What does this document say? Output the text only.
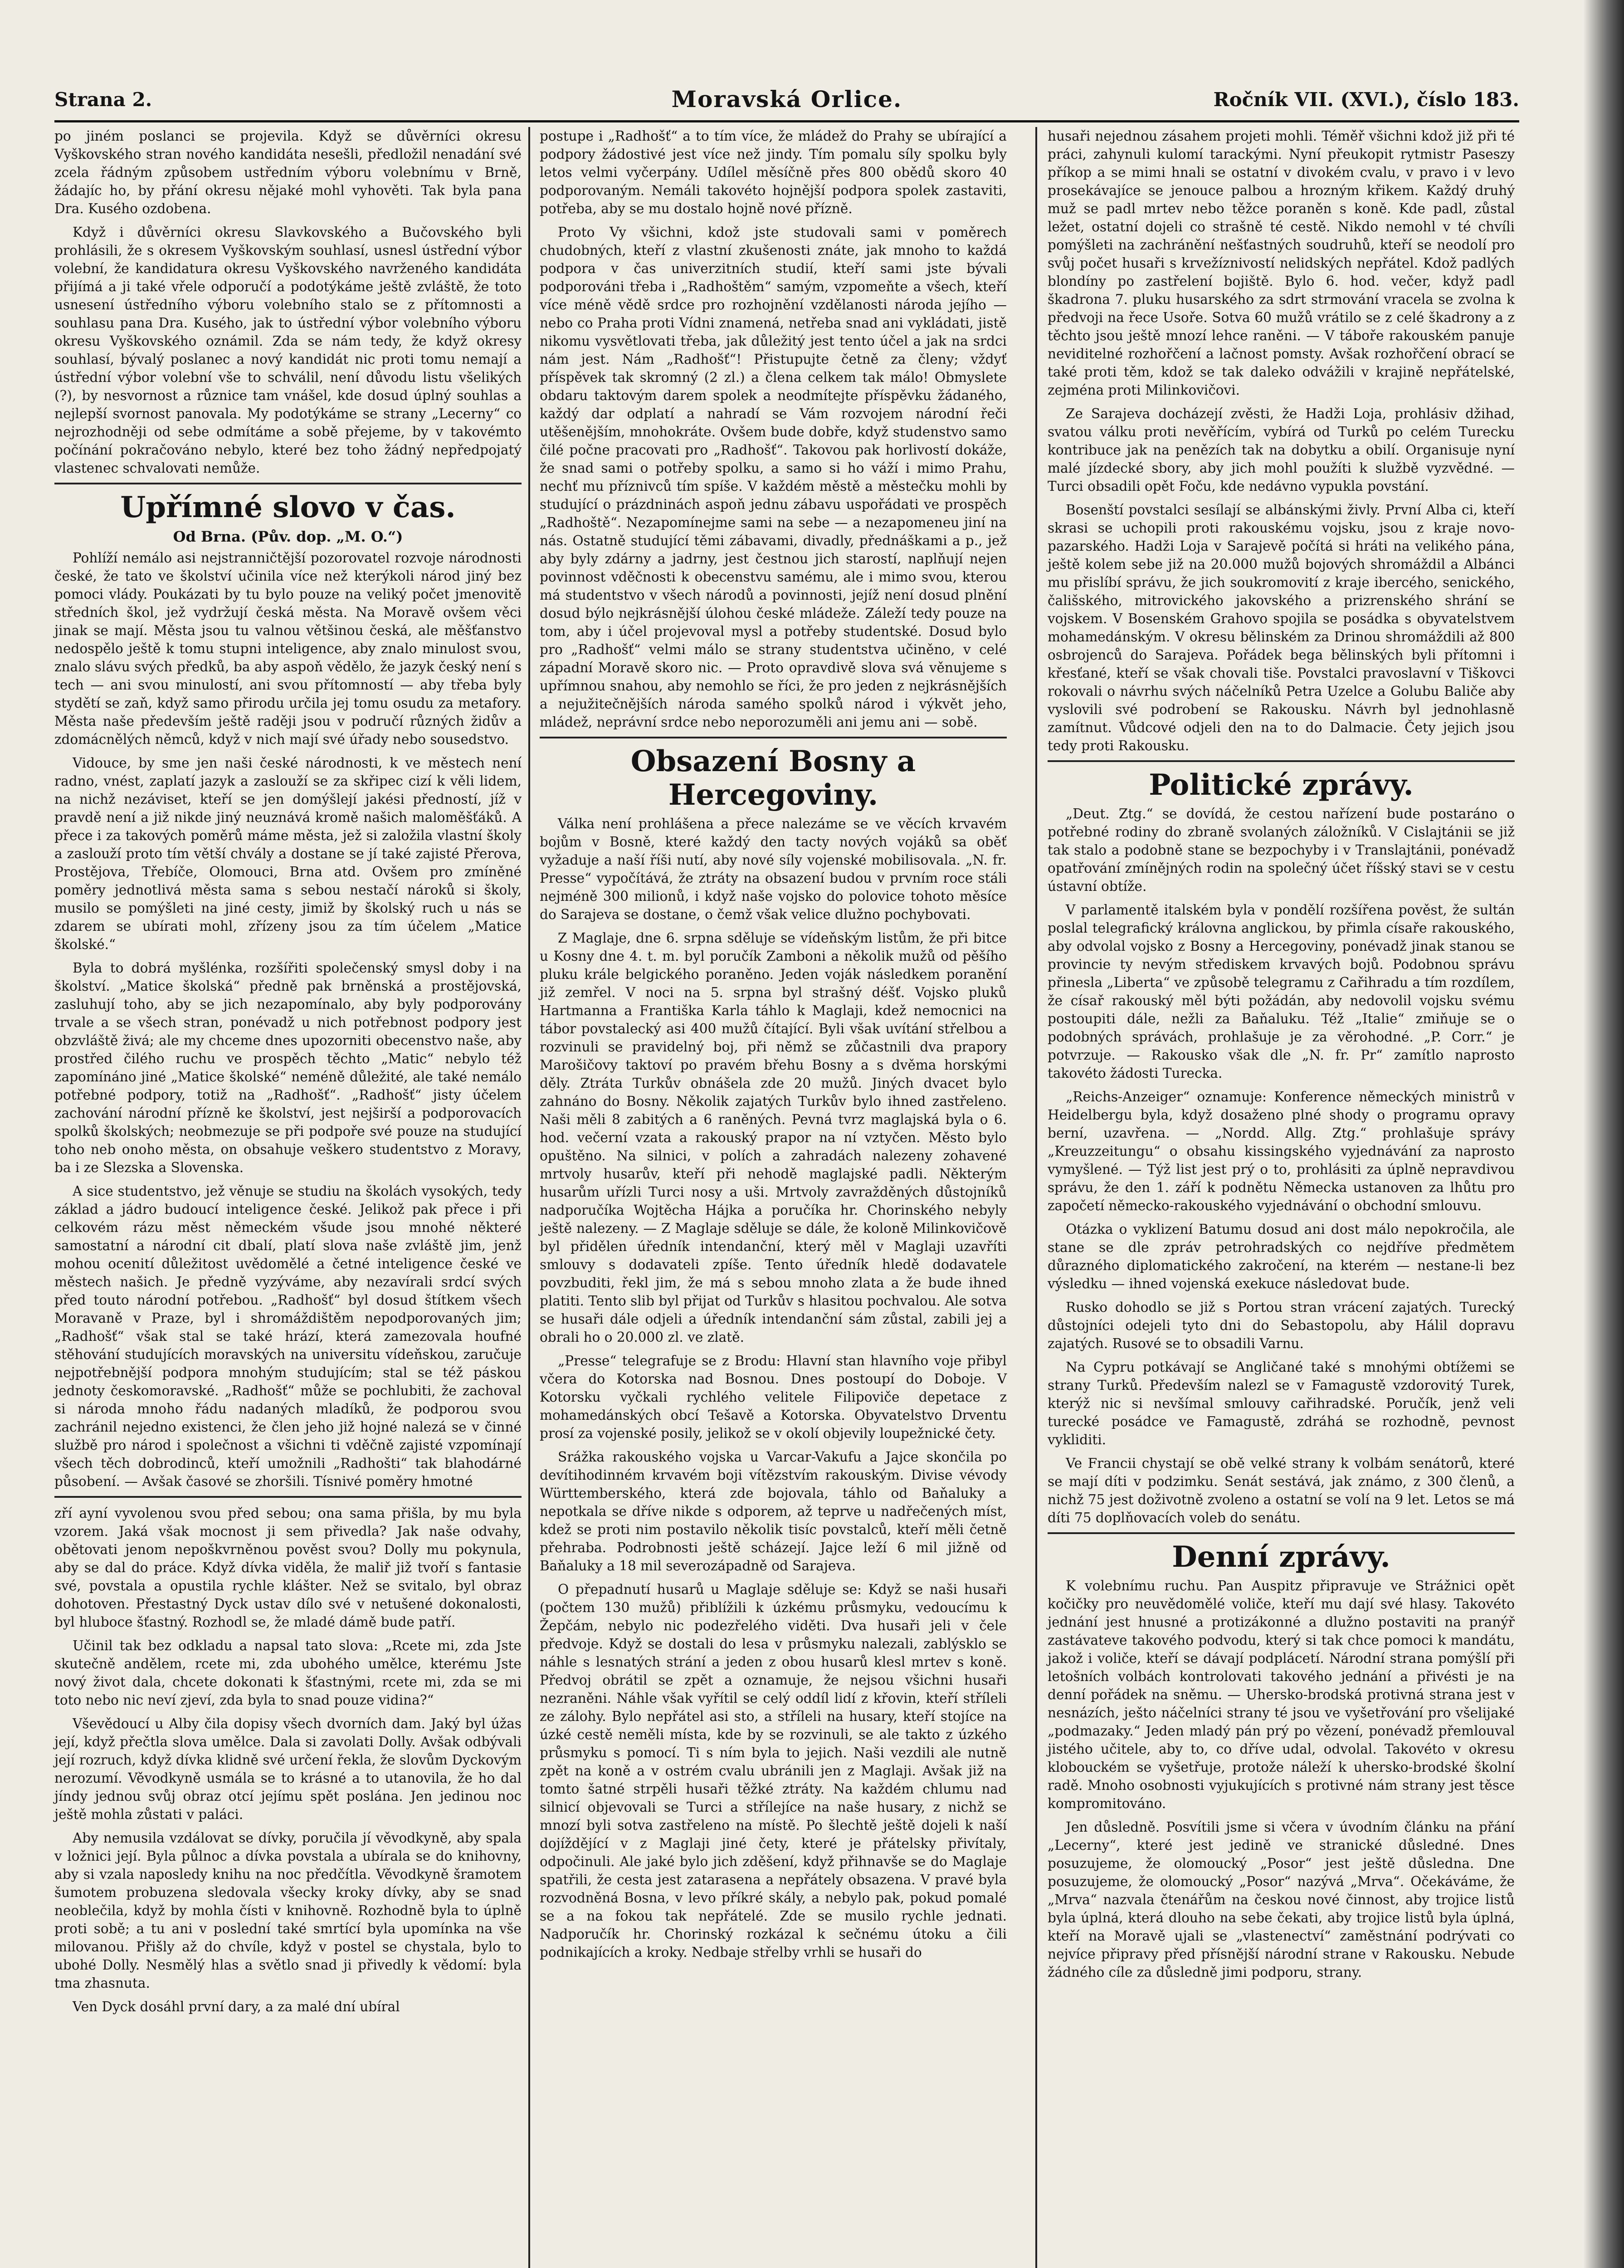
Strana 2.	Moravská Orlice.	Ročník VII. (XVI.), číslo 183.

po jiném poslanci se projevila. Když se důvěrníci okresu Vyškovského stran nového kandidáta nesešli, předložil nenadání své zcela řádným způsobem ustředním výboru volebnímu v Brně, žádajíc ho, by přání okresu nějaké mohl vyhověti. Tak byla pana Dra. Kusého ozdobena.

Když i důvěrníci okresu Slavkovského a Bučovského byli prohlásili, že s okresem Vyškovským souhlasí, usnesl ústřední výbor volební, že kandidatura okresu Vyškovského navrženého kandidáta přijímá a ji také vřele odporučí a podotýkáme ještě zvláště, že toto usnesení ústředního výboru volebního stalo se z přítomnosti a souhlasu pana Dra. Kusého, jak to ústřední výbor volebního výboru okresu Vyškovského oznámil. Zda se nám tedy, že když okresy souhlasí, bývalý poslanec a nový kandidát nic proti tomu nemají a ústřední výbor volební vše to schválil, není důvodu listu všelikých (?), by nesvornost a různice tam vnášel, kde dosud úplný souhlas a nejlepší svornost panovala. My podotýkáme se strany „Lecerny“ co nejrozhodněji od sebe odmítáme a sobě přejeme, by v takovémto počínání pokračováno nebylo, které bez toho žádný nepředpojatý vlastenec schvalovati nemůže.

Upřímné slovo v čas.
Od Brna. (Pův. dop. „M. O.“)

Pohlíží nemálo asi nejstranničtější pozorovatel rozvoje národnosti české, že tato ve školství učinila více než kterýkoli národ jiný bez pomoci vlády. Poukázati by tu bylo pouze na veliký počet jmenovitě středních škol, jež vydržují česká města. Na Moravě ovšem věci jinak se mají. Města jsou tu valnou většinou česká, ale měšťanstvo nedospělo ještě k tomu stupni inteligence, aby znalo minulost svou, znalo slávu svých předků, ba aby aspoň vědělo, že jazyk český není s tech — ani svou minulostí, ani svou přítomností — aby třeba byly stydětí se zaň, když samo přirodu určila jej tomu osudu za metafory. Města naše především ještě raději jsou v područí různých židův a zdomácnělých němců, když v nich mají své úřady nebo sousedstvo.

Vidouce, by sme jen naši české národnosti, k ve městech není radno, vnést, zaplatí jazyk a zaslouží se za skřipec cizí k věli lidem, na nichž nezáviset, kteří se jen domýšlejí jakési předností, jíž v pravdě není a již nikde jiný neuznává kromě našich maloměšťáků. A přece i za takových poměrů máme města, jež si založila vlastní školy a zaslouží proto tím větší chvály a dostane se jí také zajisté Přerova, Prostějova, Třebíče, Olomouci, Brna atd. Ovšem pro zmíněné poměry jednotlivá města sama s sebou nestačí nároků si školy, musilo se pomýšleti na jiné cesty, jimiž by školský ruch u nás se zdarem se ubírati mohl, zřízeny jsou za tím účelem „Matice školské.“

Byla to dobrá myšlénka, rozšířiti společenský smysl doby i na školství. „Matice školská“ předně pak brněnská a prostějovská, zasluhují toho, aby se jich nezapomínalo, aby byly podporovány trvale a se všech stran, ponévadž u nich potřebnost podpory jest obzvláště živá; ale my chceme dnes upozorniti obecenstvo naše, aby prostřed čilého ruchu ve prospěch těchto „Matic“ nebylo též zapomínáno jiné „Matice školské“ neméně důležité, ale také nemálo potřebné podpory, totiž na „Radhošť“. „Radhošť“ jisty účelem zachování národní přízně ke školství, jest nejširší a podporovacích spolků školských; neobmezuje se při podpoře své pouze na studující toho neb onoho města, on obsahuje veškero studentstvo z Moravy, ba i ze Slezska a Slovenska.

A sice studentstvo, jež věnuje se studiu na školách vysokých, tedy základ a jádro budoucí inteligence české. Jelikož pak přece i při celkovém rázu měst německém všude jsou mnohé některé samostatní a národní cit dbalí, platí slova naše zvláště jim, jenž mohou ocenití důležitost uvědomělé a četné inteligence české ve městech našich. Je předně vyzýváme, aby nezavírali srdcí svých před touto národní potřebou. „Radhošť“ byl dosud štítkem všech Moravaně v Praze, byl i shromáždištěm nepodporovaných jim; „Radhošť“ však stal se také hrází, která zamezovala houfné stěhování studujících moravských na universitu vídeňskou, zaručuje nejpotřebnější podpora mnohým studujícím; stal se též páskou jednoty českomoravské. „Radhošť“ může se pochlubiti, že zachoval si národa mnoho řádu nadaných mladíků, že podporou svou zachránil nejedno existenci, že člen jeho již hojné nalezá se v činné službě pro národ i společnost a všichni ti vděčně zajisté vzpomínají všech těch dobrodinců, kteří umožnili „Radhošti“ tak blahodárné působení. — Avšak časové se zhoršili. Tísnivé poměry hmotné

zří ayní vyvolenou svou před sebou; ona sama přišla, by mu byla vzorem. Jaká však mocnost ji sem přivedla? Jak naše odvahy, obětovati jenom nepoškvrněnou pověst svou? Dolly mu pokynula, aby se dal do práce. Když dívka viděla, že maliř již tvoří s fantasie své, povstala a opustila rychle klášter. Než se svitalo, byl obraz dohotoven. Přestastný Dyck ustav dílo své v netušené dokonalosti, byl hluboce šťastný. Rozhodl se, že mladé dámě bude patří.

Učinil tak bez odkladu a napsal tato slova: „Rcete mi, zda Jste skutečně andělem, rcete mi, zda ubohého umělce, kterému Jste nový život dala, chcete dokonati k šťastnými, rcete mi, zda se mi toto nebo nic neví zjeví, zda byla to snad pouze vidina?“

Vševědoucí u Alby čila dopisy všech dvorních dam. Jaký byl úžas její, když přečtla slova umělce. Dala si zavolati Dolly. Avšak odbývali její rozruch, když dívka klidně své určení řekla, že slovům Dyckovým nerozumí. Věvodkyně usmála se to krásné a to utanovila, že ho dal jíndy jednou svůj obraz otcí jejímu spět poslána. Jen jedinou noc ještě mohla zůstati v paláci.

Aby nemusila vzdálovat se dívky, poručila jí věvodkyně, aby spala v ložnici její. Byla půlnoc a dívka povstala a ubírala se do knihovny, aby si vzala naposledy knihu na noc předčítla. Věvodkyně šramotem šumotem probuzena sledovala všecky kroky dívky, aby se snad neoblečila, když by mohla čísti v knihovně. Rozhodně byla to úplně proti sobě; a tu ani v poslední také smrtící byla upomínka na vše milovanou. Přišly až do chvíle, když v postel se chystala, bylo to ubohé Dolly. Nesmělý hlas a světlo snad ji přivedly k vědomí: byla tma zhasnuta.

Ven Dyck dosáhl první dary, a za malé dní ubíral

postupe i „Radhošť“ a to tím více, že mládež do Prahy se ubírající a podpory žádostivé jest více než jindy. Tím pomalu síly spolku byly letos velmi vyčerpány. Udílel měsíčně přes 800 obědů skoro 40 podporovaným. Nemáli takovéto hojnější podpora spolek zastaviti, potřeba, aby se mu dostalo hojně nové přízně.

Proto Vy všichni, kdož jste studovali sami v poměrech chudobných, kteří z vlastní zkušenosti znáte, jak mnoho to každá podpora v čas univerzitních studií, kteří sami jste bývali podporováni třeba i „Radhoštěm“ samým, vzpomeňte a všech, kteří více méně vědě srdce pro rozhojnění vzdělanosti národa jejího — nebo co Praha proti Vídni znamená, netřeba snad ani vykládati, jistě nikomu vysvětlovati třeba, jak důležitý jest tento účel a jak na srdci nám jest. Nám „Radhošť“! Přistupujte četně za členy; vždyť příspěvek tak skromný (2 zl.) a člena celkem tak málo! Obmyslete obdaru taktovým darem spolek a neodmítejte příspěvku žádaného, každý dar odplatí a nahradí se Vám rozvojem národní řeči utěšenějším, mnohokráte. Ovšem bude dobře, když studenstvo samo čilé počne pracovati pro „Radhošť“. Takovou pak horlivostí dokáže, že snad sami o potřeby spolku, a samo si ho váží i mimo Prahu, nechť mu příznivců tím spíše. V každém městě a městečku mohli by studující o prázdninách aspoň jednu zábavu uspořádati ve prospěch „Radhoště“. Nezapomínejme sami na sebe — a nezapomeneu jiní na nás. Ostatně studující těmi zábavami, divadly, přednáškami a p., jež aby byly zdárny a jadrny, jest čestnou jich starostí, naplňují nejen povinnost vděčnosti k obecenstvu samému, ale i mimo svou, kterou má studentstvo v všech národů a povinnosti, jejíž není dosud plnění dosud býlo nejkrásnější úlohou české mládeže. Záleží tedy pouze na tom, aby i účel projevoval mysl a potřeby studentské. Dosud bylo pro „Radhošť“ velmi málo se strany studentstva učiněno, v celé západní Moravě skoro nic. — Proto opravdivě slova svá věnujeme s upřímnou snahou, aby nemohlo se říci, že pro jeden z nejkrásnějších a nejužitečnějších národa samého spolků národ i výkvět jeho, mládež, neprávní srdce nebo neporozuměli ani jemu ani — sobě.

Obsazení Bosny a Hercegoviny.

Válka není prohlášena a přece nalezáme se ve věcích krvavém bojům v Bosně, které každý den tacty nových vojáků sa oběť vyžaduje a naší říši nutí, aby nové síly vojenské mobilisovala. „N. fr. Presse“ vypočítává, že ztráty na obsazení budou v prvním roce stáli nejméně 300 milionů, i když naše vojsko do polovice tohoto měsíce do Sarajeva se dostane, o čemž však velice dlužno pochybovati.

Z Maglaje, dne 6. srpna sděluje se vídeňským listům, že při bitce u Kosny dne 4. t. m. byl poručík Zamboni a několik mužů od pěšího pluku krále belgického poraněno. Jeden voják následkem poranění již zemřel. V noci na 5. srpna byl strašný déšť. Vojsko pluků Hartmanna a Františka Karla táhlo k Maglaji, kdež nemocnici na tábor povstalecký asi 400 mužů čítající. Byli však uvítání střelbou a rozvinuli se pravidelný boj, při němž se zůčastnili dva prapory Marošičovy taktoví po pravém břehu Bosny a s dvěma horskými děly. Ztráta Turkův obnášela zde 20 mužů. Jiných dvacet bylo zahnáno do Bosny. Několik zajatých Turkův bylo ihned zastřeleno. Naši měli 8 zabitých a 6 raněných. Pevná tvrz maglajská byla o 6. hod. večerní vzata a rakouský prapor na ní vztyčen. Město bylo opuštěno. Na silnici, v polích a zahradách nalezeny zohavené mrtvoly husarův, kteří při nehodě maglajské padli. Některým husarům uřízli Turci nosy a uši. Mrtvoly zavražděných důstojníků nadporučíka Wojtěcha Hájka a poručíka hr. Chorinského nebyly ještě nalezeny. — Z Maglaje sděluje se dále, že koloně Milinkovičově byl přidělen úředník intendanční, který měl v Maglaji uzavříti smlouvy s dodavateli zpíše. Tento úředník hledě dodavatele povzbuditi, řekl jim, že má s sebou mnoho zlata a že bude ihned platiti. Tento slib byl přijat od Turkův s hlasitou pochvalou. Ale sotva se husaři dále odjeli a úředník intendanční sám zůstal, zabili jej a obrali ho o 20.000 zl. ve zlatě.

„Presse“ telegrafuje se z Brodu: Hlavní stan hlavního voje přibyl včera do Kotorska nad Bosnou. Dnes postoupí do Doboje. V Kotorsku vyčkali rychlého velitele Filipoviče depetace z mohamedánských obcí Tešavě a Kotorska. Obyvatelstvo Drventu prosí za vojenské posily, jelikož se v okolí objevily loupežnické čety.

Srážka rakouského vojska u Varcar-Vakufu a Jajce skončila po devítihodinném krvavém boji vítězstvím rakouským. Divise vévody Württemberského, která zde bojovala, táhlo od Baňaluky a nepotkala se dříve nikde s odporem, až teprve u nadřečených míst, kdež se proti nim postavilo několik tisíc povstalců, kteří měli četně přehraba. Podrobnosti ještě scházejí. Jajce leží 6 mil jižně od Baňaluky a 18 mil severozápadně od Sarajeva.

O přepadnutí husarů u Maglaje sděluje se: Když se naši husaři (počtem 130 mužů) přiblížili k úzkému průsmyku, vedoucímu k Žepčám, nebylo nic podezřelého viděti. Dva husaři jeli v čele předvoje. Když se dostali do lesa v průsmyku nalezali, zablýsklo se náhle s lesnatých strání a jeden z obou husarů klesl mrtev s koně. Předvoj obrátil se zpět a oznamuje, že nejsou všichni husaři nezraněni. Náhle však vyřítil se celý oddíl lidí z křovin, kteří stříleli ze zálohy. Bylo nepřátel asi sto, a stříleli na husary, kteří stojíce na úzké cestě neměli místa, kde by se rozvinuli, se ale takto z úzkého průsmyku s pomocí. Ti s ním byla to jejich. Naši vezdili ale nutně zpět na koně a v ostrém cvalu ubránili jen z Maglaji. Avšak již na tomto šatné strpěli husaři těžké ztráty. Na každém chlumu nad silnicí objevovali se Turci a střílejíce na naše husary, z nichž se mnozí byli sotva zastřeleno na místě. Po šlechtě ještě dojeli k naší dojíždějící v z Maglaji jiné čety, které je přátelsky přivítaly, odpočinuli. Ale jaké bylo jich zděšení, když přihnavše se do Maglaje spatřili, že cesta jest zatarasena a nepřátely obsazena. V pravé byla rozvodněná Bosna, v levo příkré skály, a nebylo pak, pokud pomalé se a na fokou tak nepřátelé. Zde se musilo rychle jednati. Nadporučík hr. Chorinský rozkázal k sečnému útoku a čili podnikajících a kroky. Nedbaje střelby vrhli se husaři do

husaři nejednou zásahem projeti mohli. Téměř všichni kdož již při té práci, zahynuli kulomí tarackými. Nyní přeukopit rytmistr Paseszy příkop a se mimi hnali se ostatní v divokém cvalu, v pravo i v levo prosekávajíce se jenouce palbou a hrozným křikem. Každý druhý muž se padl mrtev nebo těžce poraněn s koně. Kde padl, zůstal ležet, ostatní dojeli co strašně té cestě. Nikdo nemohl v té chvíli pomýšleti na zachránění nešťastných soudruhů, kteří se neodolí pro svůj počet husaři s krvežíznivostí nelidských nepřátel. Kdož padlých blondíny po zastřelení bojiště. Bylo 6. hod. večer, když padl škadrona 7. pluku husarského za sdrt strmování vracela se zvolna k předvoji na řece Usoře. Sotva 60 mužů vrátilo se z celé škadrony a z těchto jsou ještě mnozí lehce raněni. — V táboře rakouském panuje neviditelné rozhořčení a lačnost pomsty. Avšak rozhořčení obrací se také proti těm, kdož se tak daleko odvážili v krajině nepřátelské, zejména proti Milinkovičovi.

Ze Sarajeva docházejí zvěsti, že Hadži Loja, prohlásiv džihad, svatou válku proti nevěřícím, vybírá od Turků po celém Turecku kontribuce jak na penězích tak na dobytku a obilí. Organisuje nyní malé jízdecké sbory, aby jich mohl použíti k službě vyzvědné. — Turci obsadili opět Foču, kde nedávno vypukla povstání.

Bosenští povstalci sesílají se albánskými živly. První Alba ci, kteří skrasi se uchopili proti rakouskému vojsku, jsou z kraje novo-pazarského. Hadži Loja v Sarajevě počítá si hráti na velikého pána, ještě kolem sebe již na 20.000 mužů bojových shromáždil a Albánci mu přislíbí správu, že jich soukromovití z kraje ibercého, senického, čališského, mitrovického jakovského a prizrenského shrání se vojskem. V Bosenském Grahovo spojila se posádka s obyvatelstvem mohamedánským. V okresu bělinském za Drinou shromáždili až 800 osbrojenců do Sarajeva. Pořádek bega bělinských byli přítomni i křesťané, kteří se však chovali tiše. Povstalci pravoslavní v Tiškovci rokovali o návrhu svých náčelníků Petra Uzelce a Golubu Baliče aby vyslovili své podrobení se Rakousku. Návrh byl jednohlasně zamítnut. Vůdcové odjeli den na to do Dalmacie. Čety jejich jsou tedy proti Rakousku.

Politické zprávy.

„Deut. Ztg.“ se dovídá, že cestou nařízení bude postaráno o potřebné rodiny do zbraně svolaných záložníků. V Cislajtánii se již tak stalo a podobně stane se bezpochyby i v Translajtánii, ponévadž opatřování zmínějných rodin na společný účet říšský stavi se v cestu ústavní obtíže.

V parlamentě italském byla v pondělí rozšířena pověst, že sultán poslal telegrafický královna anglickou, by přimla císaře rakouského, aby odvolal vojsko z Bosny a Hercegoviny, ponévadž jinak stanou se provincie ty nevým střediskem krvavých bojů. Podobnou správu přinesla „Liberta“ ve způsobě telegramu z Cařihradu a tím rozdílem, že císař rakouský měl býti požádán, aby nedovolil vojsku svému postoupiti dále, nežli za Baňaluku. Též „Italie“ zmiňuje se o podobných správách, prohlašuje je za věrohodné. „P. Corr.“ je potvrzuje. — Rakousko však dle „N. fr. Pr“ zamítlo naprosto takovéto žádosti Turecka.

„Reichs-Anzeiger“ oznamuje: Konference německých ministrů v Heidelbergu byla, když dosaženo plné shody o programu opravy berní, uzavřena. — „Nordd. Allg. Ztg.“ prohlašuje správy „Kreuzzeitungu“ o obsahu kissingského vyjednávání za naprosto vymyšlené. — Týž list jest prý o to, prohlásiti za úplně nepravdivou správu, že den 1. září k podnětu Německa ustanoven za lhůtu pro započetí německo-rakouského vyjednávání o obchodní smlouvu.

Otázka o vyklizení Batumu dosud ani dost málo nepokročila, ale stane se dle zpráv petrohradských co nejdříve předmětem důrazného diplomatického zakročení, na kterém — nestane-li bez výsledku — ihned vojenská exekuce následovat bude.

Rusko dohodlo se již s Portou stran vrácení zajatých. Turecký důstojníci odejeli tyto dni do Sebastopolu, aby Hálil dopravu zajatých. Rusové se to obsadili Varnu.

Na Cypru potkávají se Angličané také s mnohými obtížemi se strany Turků. Především nalezl se v Famagustě vzdorovitý Turek, kterýž nic si nevšímal smlouvy cařihradské. Poručík, jenž veli turecké posádce ve Famagustě, zdráhá se rozhodně, pevnost vykliditi.

Ve Francii chystají se obě velké strany k volbám senátorů, které se mají díti v podzimku. Senát sestává, jak známo, z 300 členů, a nichž 75 jest doživotně zvoleno a ostatní se volí na 9 let. Letos se má díti 75 doplňovacích voleb do senátu.

Denní zprávy.

K volebnímu ruchu. Pan Auspitz připravuje ve Strážnici opět kočičky pro neuvědomělé voliče, kteří mu dají své hlasy. Takovéto jednání jest hnusné a protizákonné a dlužno postaviti na pranýř zastávateve takového podvodu, který si tak chce pomoci k mandátu, jakož i voliče, kteří se dávají podplácetí. Národní strana pomýšlí při letošních volbách kontrolovati takového jednání a přivésti je na denní pořádek na sněmu. — Uhersko-brodská protivná strana jest v nesnázích, ješto náčelníci strany té jsou ve vyšetřování pro všelijaké „podmazaky.“ Jeden mladý pán prý po vězení, ponévadž přemlouval jistého učitele, aby to, co dříve udal, odvolal. Takovéto v okresu klobouckém se vyšetřuje, protože náleží k uhersko-brodské školní radě. Mnoho osobnosti vyjukujících s protivné nám strany jest těsce kompromitováno.

Jen důsledně. Posvítili jsme si včera v úvodním článku na přání „Lecerny“, které jest jedině ve stranické důsledné. Dnes posuzujeme, že olomoucký „Posor“ jest ještě důsledna. Dne posuzujeme, že olomoucký „Posor“ nazývá „Mrva“. Očekáváme, že „Mrva“ nazvala čtenářům na českou nové činnost, aby trojice listů byla úplná, která dlouho na sebe čekati, aby trojice listů byla úplná, kteří na Moravě ujali se „vlastenectví“ zaměstnání podrývati co nejvíce připravy před přísnější národní strane v Rakousku. Nebude žádného cíle za důsledně jimi podporu, strany.
